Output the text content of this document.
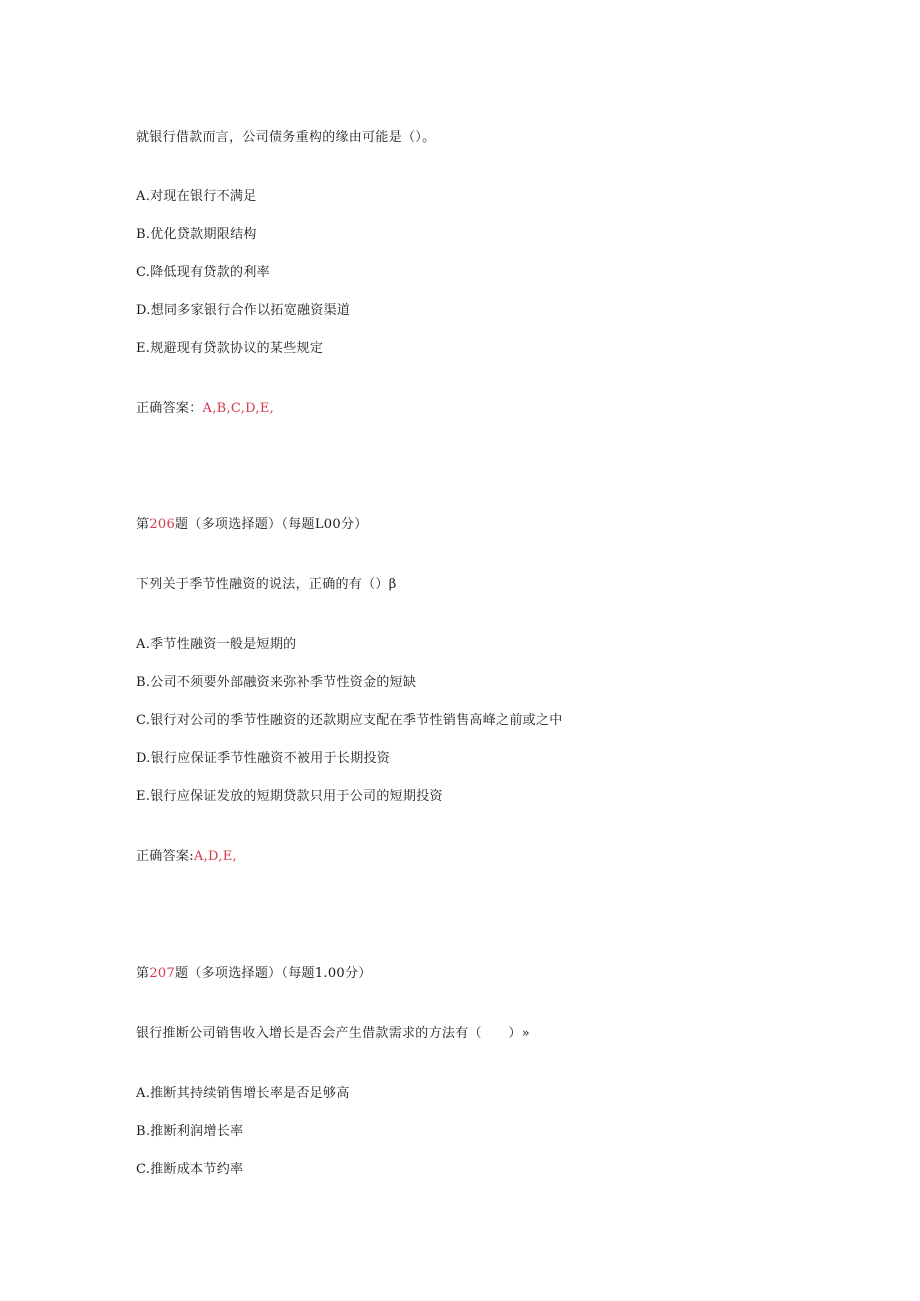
就银行借款而言，公司债务重构的缘由可能是（）。
A.对现在银行不满足
B.优化贷款期限结构
C.降低现有贷款的利率
D.想同多家银行合作以拓宽融资渠道
E.规避现有贷款协议的某些规定
正确答案：A,B,C,D,E,
第206题（多项选择题）（每题L00分）
下列关于季节性融资的说法，正确的有（）β
A.季节性融资一般是短期的
B.公司不须要外部融资来弥补季节性资金的短缺
C.银行对公司的季节性融资的还款期应支配在季节性销售高峰之前或之中
D.银行应保证季节性融资不被用于长期投资
E.银行应保证发放的短期贷款只用于公司的短期投资
正确答案:A,D,E,
第207题（多项选择题）（每题1.00分）
银行推断公司销售收入增长是否会产生借款需求的方法有（　　）»
A.推断其持续销售增长率是否足够高
B.推断利润增长率
C.推断成本节约率
